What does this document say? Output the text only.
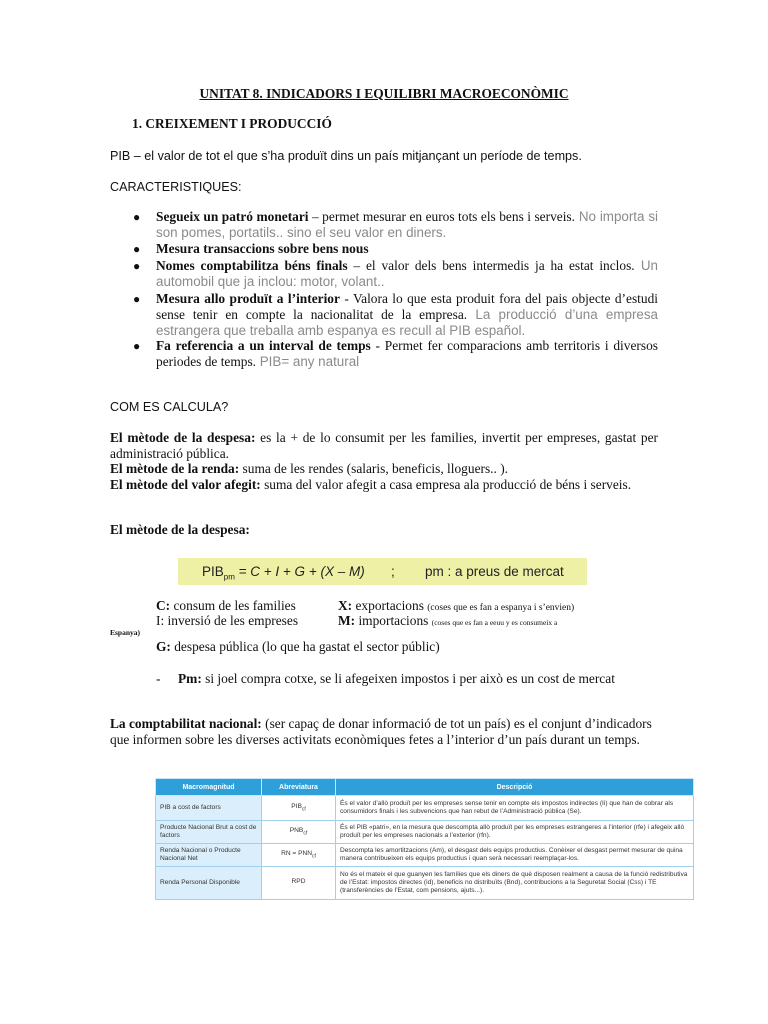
UNITAT 8. INDICADORS I EQUILIBRI MACROECONÒMIC
1. CREIXEMENT I PRODUCCIÓ
PIB – el valor de tot el que s’ha produït dins un país mitjançant un període de temps.
CARACTERISTIQUES:
● Segueix un patró monetari – permet mesurar en euros tots els bens i serveis. No importa si son pomes, portatils.. sino el seu valor en diners.
● Mesura transaccions sobre bens nous
● Nomes comptabilitza béns finals – el valor dels bens intermedis ja ha estat inclos. Un automobil que ja inclou: motor, volant..
● Mesura allo produït a l’interior - Valora lo que esta produit fora del pais objecte d’estudi sense tenir en compte la nacionalitat de la empresa. La producció d’una empresa estrangera que treballa amb espanya es recull al PIB español.
● Fa referencia a un interval de temps - Permet fer comparacions amb territoris i diversos periodes de temps. PIB= any natural
COM ES CALCULA?
El mètode de la despesa: es la + de lo consumit per les families, invertit per empreses, gastat per administració pública.
El mètode de la renda: suma de les rendes (salaris, beneficis, lloguers.. ).
El mètode del valor afegit: suma del valor afegit a casa empresa ala producció de béns i serveis.
El mètode de la despesa:
$PIB_{pm} = C + I + G + (X - M)$ ; pm : a preus de mercat
C: consum de les families	X: exportacions (coses que es fan a espanya i s’envien)
I: inversió de les empreses	M: importacions (coses que es fan a eeuu y es consumeix a
Espanya)
G: despesa pública (lo que ha gastat el sector públic)
- Pm: si joel compra cotxe, se li afegeixen impostos i per això es un cost de mercat
La comptabilitat nacional: (ser capaç de donar informació de tot un país) es el conjunt d’indicadors que informen sobre les diverses activitats econòmiques fetes a l’interior d’un país durant un temps.
Macromagnitud	Abreviatura	Descripció
PIB a cost de factors	$PIB_{cf}$	És el valor d’allò produït per les empreses sense tenir en compte els impostos indirectes (Ii) que han de cobrar als consumidors finals i les subvencions que han rebut de l’Administració pública (Se).
Producte Nacional Brut a cost de factors	$PNB_{cf}$	És el PIB «patri», en la mesura que descompta allò produït per les empreses estrangeres a l’interior (rfe) i afegeix allò produït per les empreses nacionals a l’exterior (rfn).
Renda Nacional o Producte Nacional Net	RN = $PNN_{cf}$	Descompta les amortitzacions (Am), el desgast dels equips productius. Conèixer el desgast permet mesurar de quina manera contribueixen els equips productius i quan serà necessari reemplaçar-los.
Renda Personal Disponible	RPD	No és el mateix el que guanyen les famílies que els diners de què disposen realment a causa de la funció redistributiva de l’Estat: impostos directes (id), beneficis no distribuïts (Bnd), contribucions a la Seguretat Social (Css) i TE (transferències de l’Estat, com pensions, ajuts...).
